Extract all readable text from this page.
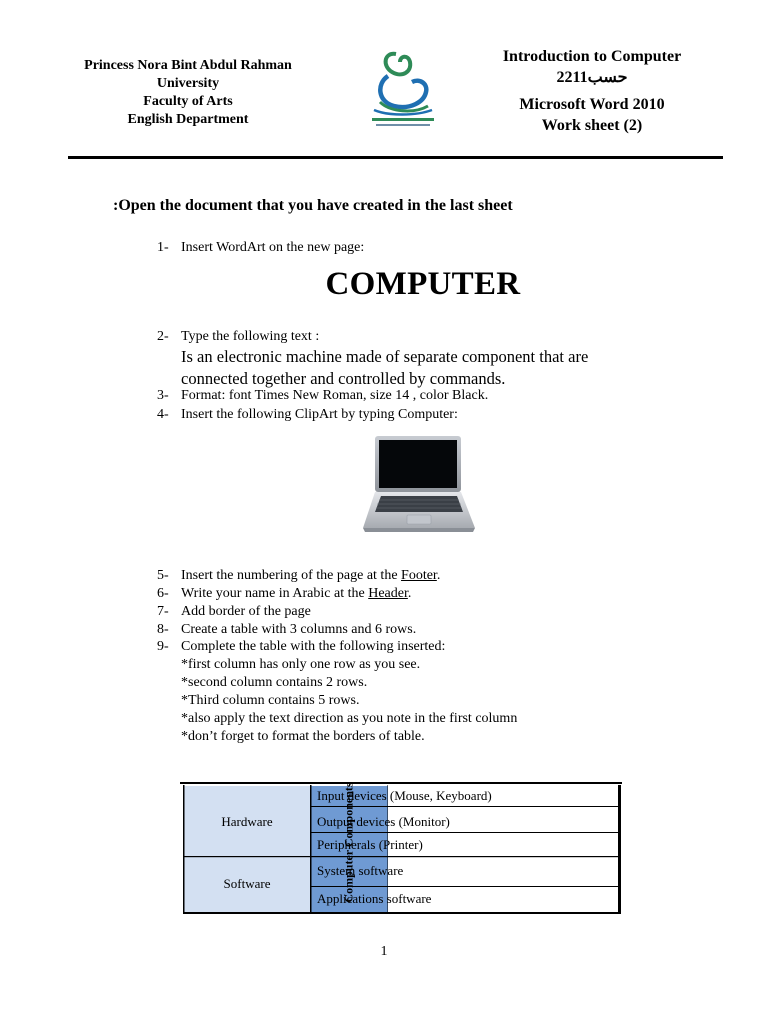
Princess Nora Bint Abdul Rahman
University
Faculty of Arts
English Department
Introduction to Computer
2211حسب
Microsoft Word 2010
Work sheet (2)
:Open the document that you have created in the last sheet
1- Insert WordArt on the new page:
COMPUTER
2- Type the following text :
Is an electronic machine made of separate component that are
connected together and controlled by commands.
3- Format: font Times New Roman, size 14 , color Black.
4- Insert the following ClipArt by typing Computer:
5- Insert the numbering of the page at the Footer.
6- Write your name in Arabic at the Header.
7- Add border of the page
8- Create a table with 3 columns and 6 rows.
9- Complete the table with the following inserted:
*first column has only one row as you see.
*second column contains 2 rows.
*Third column contains 5 rows.
*also apply the text direction as you note in the first column
*don’t forget to format the borders of table.
Hardware
Software
Input devices (Mouse, Keyboard)
Output devices (Monitor)
Peripherals (Printer)
System software
Applications software
Computer Components
1
